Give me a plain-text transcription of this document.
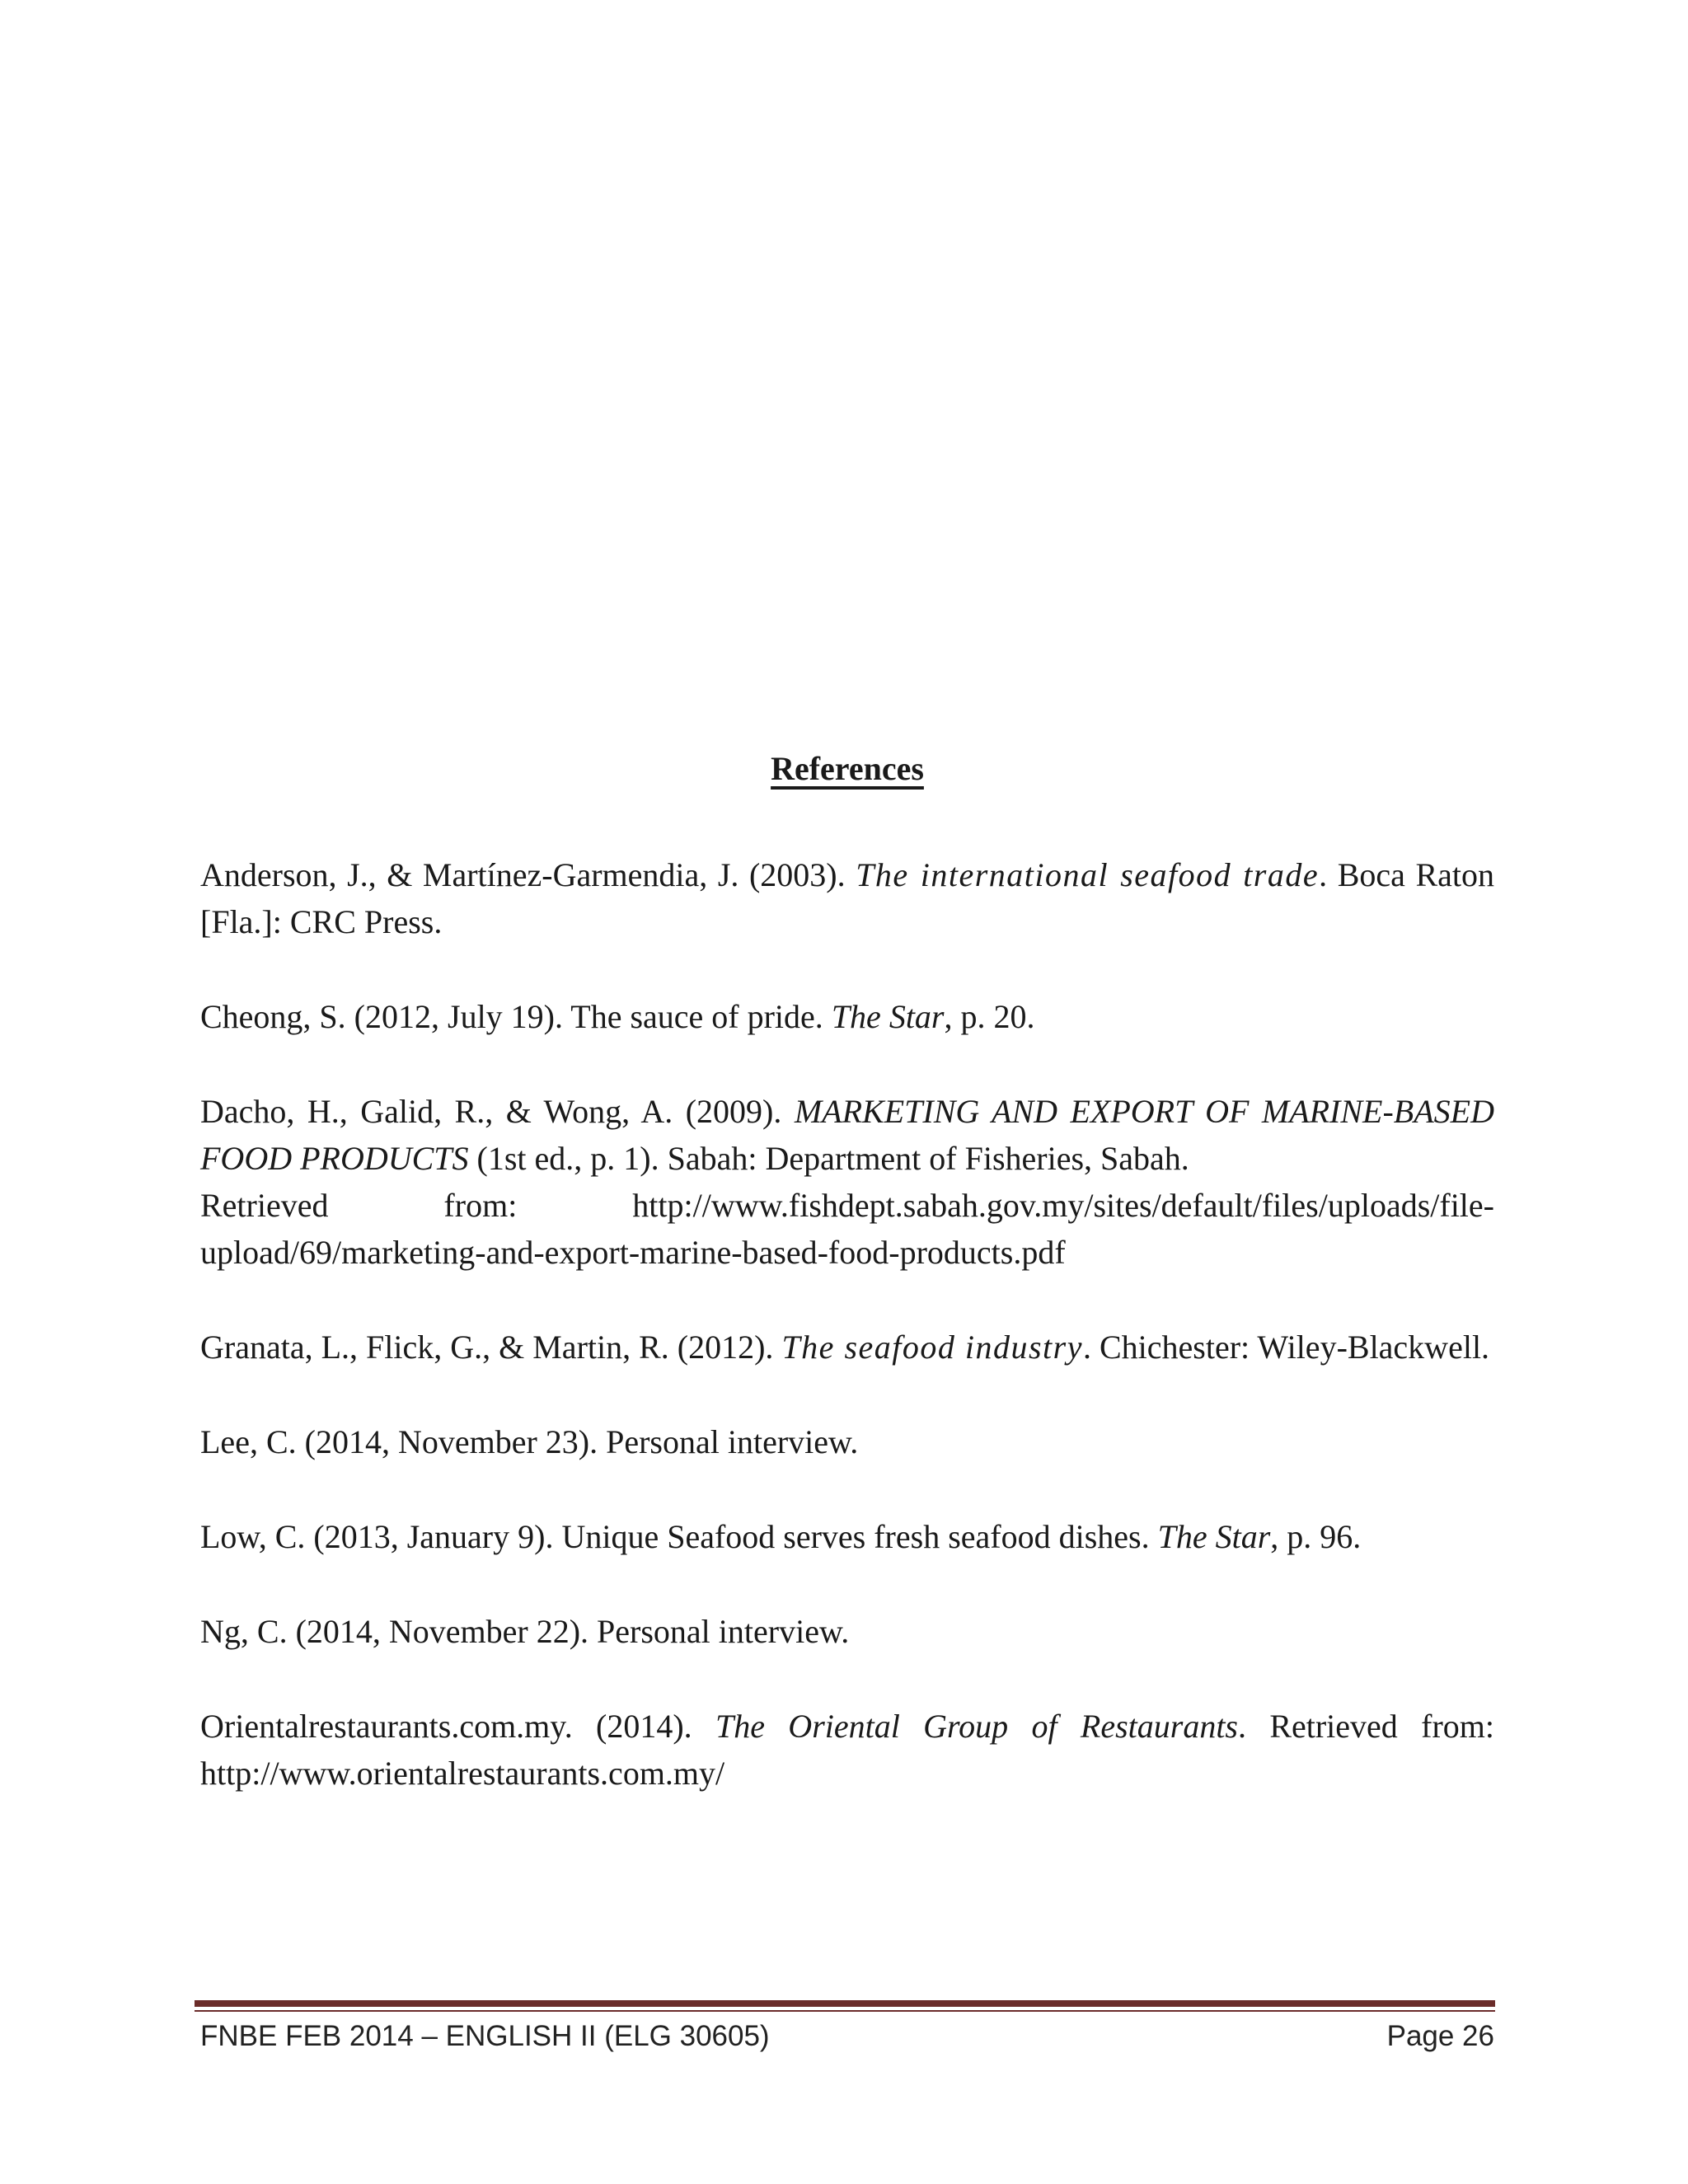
References

Anderson, J., & Martínez-Garmendia, J. (2003). The international seafood trade. Boca Raton [Fla.]: CRC Press.

Cheong, S. (2012, July 19). The sauce of pride. The Star, p. 20.

Dacho, H., Galid, R., & Wong, A. (2009). MARKETING AND EXPORT OF MARINE-BASED FOOD PRODUCTS (1st ed., p. 1). Sabah: Department of Fisheries, Sabah.
Retrieved from: http://www.fishdept.sabah.gov.my/sites/default/files/uploads/file-
upload/69/marketing-and-export-marine-based-food-products.pdf

Granata, L., Flick, G., & Martin, R. (2012). The seafood industry. Chichester: Wiley-Blackwell.

Lee, C. (2014, November 23). Personal interview.

Low, C. (2013, January 9). Unique Seafood serves fresh seafood dishes. The Star, p. 96.

Ng, C. (2014, November 22). Personal interview.

Orientalrestaurants.com.my. (2014). The Oriental Group of Restaurants. Retrieved from: http://www.orientalrestaurants.com.my/

FNBE FEB 2014 – ENGLISH II (ELG 30605)	Page 26
